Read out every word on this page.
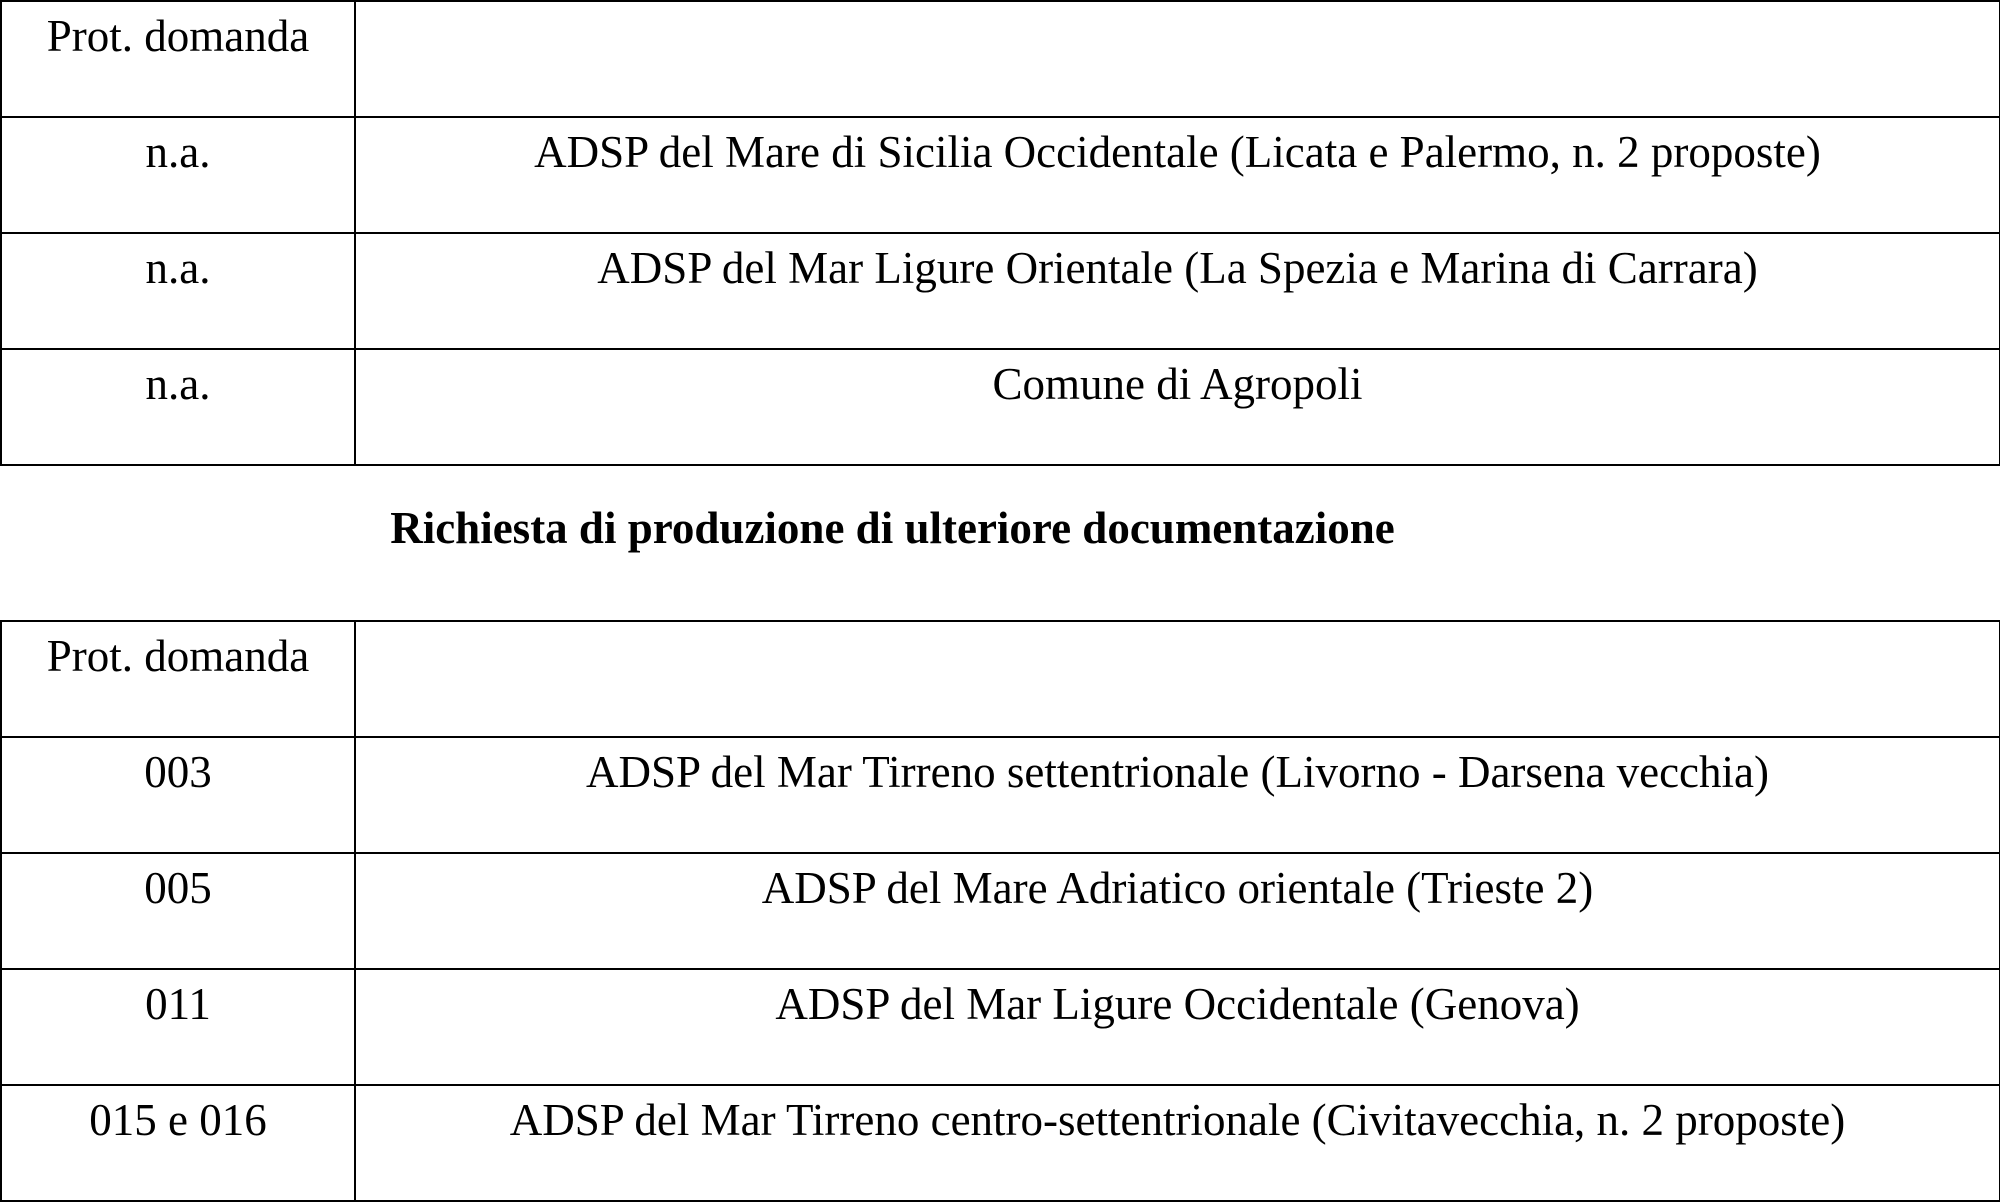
Prot. domanda	

n.a.	ADSP del Mare di Sicilia Occidentale (Licata e Palermo, n. 2 proposte)

n.a.	ADSP del Mar Ligure Orientale (La Spezia e Marina di Carrara)

n.a.	Comune di Agropoli
Richiesta di produzione di ulteriore documentazione
Prot. domanda	

003	ADSP del Mar Tirreno settentrionale (Livorno - Darsena vecchia)

005	ADSP del Mare Adriatico orientale (Trieste 2)

011	ADSP del Mar Ligure Occidentale (Genova)

015 e 016	ADSP del Mar Tirreno centro-settentrionale (Civitavecchia, n. 2 proposte)
